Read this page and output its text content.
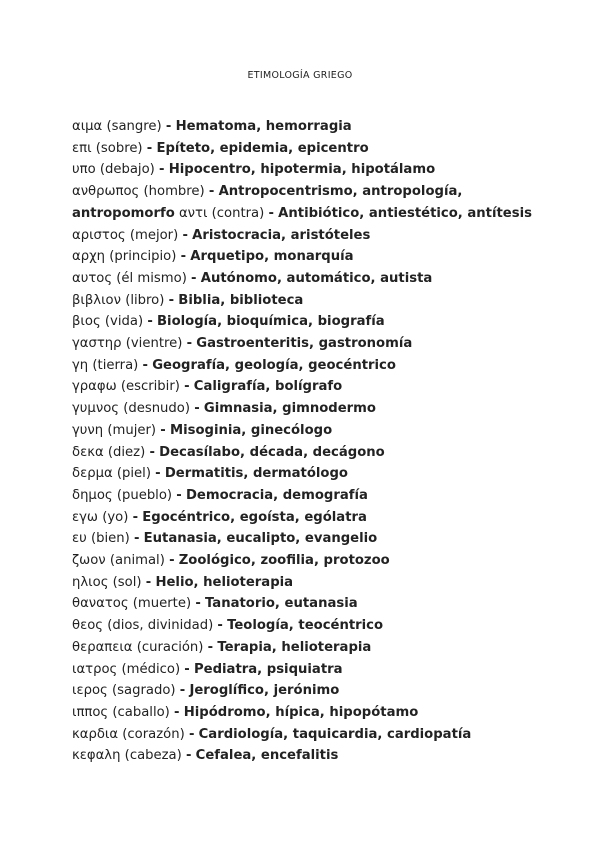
ETIMOLOGÍA GRIEGO
αιμα (sangre) - Hematoma, hemorragia
επι (sobre) - Epíteto, epidemia, epicentro
υπο (debajo) - Hipocentro, hipotermia, hipotálamo
ανθρωπος (hombre) - Antropocentrismo, antropología, antropomorfo αντι (contra) - Antibiótico, antiestético, antítesis
αριστος (mejor) - Aristocracia, aristóteles
αρχη (principio) - Arquetipo, monarquía
αυτος (él mismo) - Autónomo, automático, autista
βιβλιον (libro) - Biblia, biblioteca
βιος (vida) - Biología, bioquímica, biografía
γαστηρ (vientre) - Gastroenteritis, gastronomía
γη (tierra) - Geografía, geología, geocéntrico
γραφω (escribir) - Caligrafía, bolígrafo
γυμνος (desnudo) - Gimnasia, gimnodermo
γυνη (mujer) - Misoginia, ginecólogo
δεκα (diez) - Decasílabo, década, decágono
δερμα (piel) - Dermatitis, dermatólogo
δημος (pueblo) - Democracia, demografía
εγω (yo) - Egocéntrico, egoísta, ególatra
ευ (bien) - Eutanasia, eucalipto, evangelio
ζωον (animal) - Zoológico, zoofilia, protozoo
ηλιος (sol) - Helio, helioterapia
θανατος (muerte) - Tanatorio, eutanasia
θεος (dios, divinidad) - Teología, teocéntrico
θεραπεια (curación) - Terapia, helioterapia
ιατρος (médico) - Pediatra, psiquiatra
ιερος (sagrado) - Jeroglífico, jerónimo
ιππος (caballo) - Hipódromo, hípica, hipopótamo
καρδια (corazón) - Cardiología, taquicardia, cardiopatía
κεφαλη (cabeza) - Cefalea, encefalitis
